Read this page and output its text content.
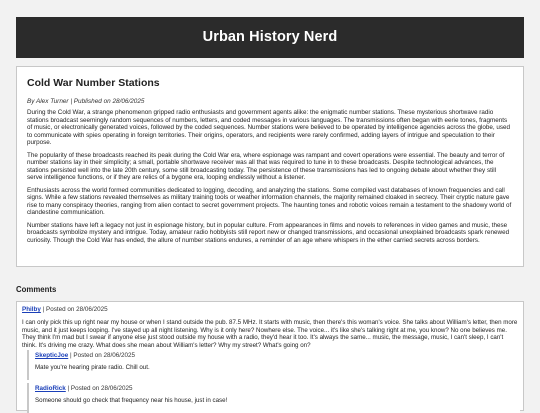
Urban History Nerd
Cold War Number Stations
By Alex Turner | Published on 28/06/2025

During the Cold War, a strange phenomenon gripped radio enthusiasts and government agents alike: the enigmatic number stations. These mysterious shortwave radio stations broadcast seemingly random sequences of numbers, letters, and coded messages in various languages. The transmissions often began with eerie tones, fragments of music, or electronically generated voices, followed by the coded sequences. Number stations were believed to be operated by intelligence agencies across the globe, used to communicate with spies operating in foreign territories. Their origins, operators, and recipients were rarely confirmed, adding layers of intrigue and speculation to their purpose.

The popularity of these broadcasts reached its peak during the Cold War era, where espionage was rampant and covert operations were essential. The beauty and terror of number stations lay in their simplicity; a small, portable shortwave receiver was all that was required to tune in to these broadcasts. Despite technological advances, the stations persisted well into the late 20th century, some still broadcasting today. The persistence of these transmissions has led to ongoing debate about whether they still serve intelligence functions, or if they are relics of a bygone era, looping endlessly without a listener.

Enthusiasts across the world formed communities dedicated to logging, decoding, and analyzing the stations. Some compiled vast databases of known frequencies and call signs. While a few stations revealed themselves as military training tools or weather information channels, the majority remained cloaked in secrecy. Their cryptic nature gave rise to many conspiracy theories, ranging from alien contact to secret government projects. The haunting tones and robotic voices remain a testament to the shadowy world of clandestine communication.

Number stations have left a legacy not just in espionage history, but in popular culture. From appearances in films and novels to references in video games and music, these broadcasts symbolize mystery and intrigue. Today, amateur radio hobbyists still report new or changed transmissions, and occasional unexplained broadcasts spark renewed curiosity. Though the Cold War has ended, the allure of number stations endures, a reminder of an age where whispers in the ether carried secrets across borders.

Comments
Philby | Posted on 28/06/2025
I can only pick this up right near my house or when I stand outside the pub. 87.5 MHz. It starts with music, then there's this woman's voice. She talks about William's letter, then more music, and it just keeps looping. I've stayed up all night listening. Why is it only here? Nowhere else. The voice... it's like she's talking right at me, you know? No one believes me. They think I'm mad but I swear if anyone else just stood outside my house with a radio, they'd hear it too. It's always the same... music, the message, music, I can't sleep, I can't think. It's driving me crazy. What does she mean about William's letter? Why my street? What's going on?
SkepticJoe | Posted on 28/06/2025
Mate you're hearing pirate radio. Chill out.
RadioRick | Posted on 28/06/2025
Someone should go check that frequency near his house, just in case!
